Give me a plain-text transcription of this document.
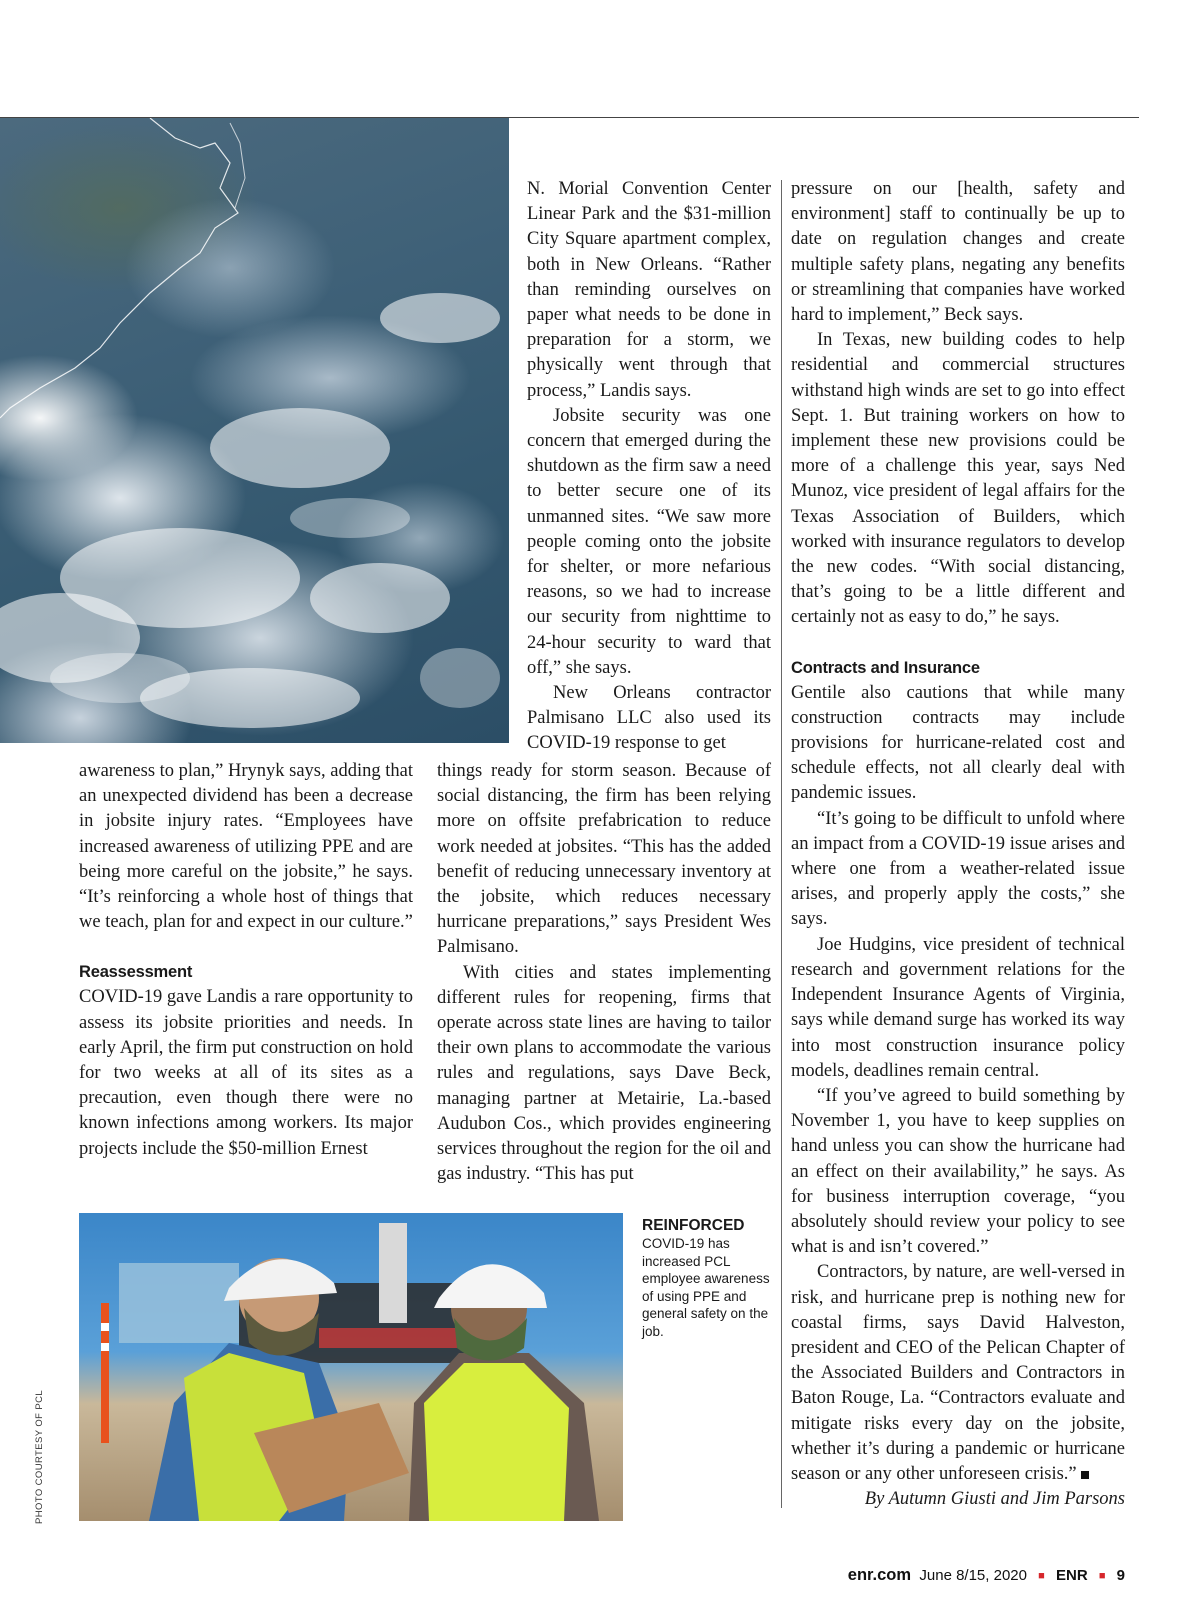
N. Morial Convention Center Linear Park and the $31-million City Square apartment complex, both in New Orleans. “Rather than reminding ourselves on paper what needs to be done in preparation for a storm, we physically went through that process,” Landis says.

Jobsite security was one concern that emerged during the shutdown as the firm saw a need to better secure one of its unmanned sites. “We saw more people coming onto the jobsite for shelter, or more nefarious reasons, so we had to increase our security from nighttime to 24-hour security to ward that off,” she says.

New Orleans contractor Palmisano LLC also used its COVID-19 response to get

awareness to plan,” Hrynyk says, adding that an unexpected dividend has been a decrease in jobsite injury rates. “Employees have increased awareness of utilizing PPE and are being more careful on the jobsite,” he says. “It’s reinforcing a whole host of things that we teach, plan for and expect in our culture.”

Reassessment

COVID-19 gave Landis a rare opportunity to assess its jobsite priorities and needs. In early April, the firm put construction on hold for two weeks at all of its sites as a precaution, even though there were no known infections among workers. Its major projects include the $50-million Ernest

things ready for storm season. Because of social distancing, the firm has been relying more on offsite prefabrication to reduce work needed at jobsites. “This has the added benefit of reducing unnecessary inventory at the jobsite, which reduces necessary hurricane preparations,” says President Wes Palmisano.

With cities and states implementing different rules for reopening, firms that operate across state lines are having to tailor their own plans to accommodate the various rules and regulations, says Dave Beck, managing partner at Metairie, La.-based Audubon Cos., which provides engineering services throughout the region for the oil and gas industry. “This has put

pressure on our [health, safety and environment] staff to continually be up to date on regulation changes and create multiple safety plans, negating any benefits or streamlining that companies have worked hard to implement,” Beck says.

In Texas, new building codes to help residential and commercial structures withstand high winds are set to go into effect Sept. 1. But training workers on how to implement these new provisions could be more of a challenge this year, says Ned Munoz, vice president of legal affairs for the Texas Association of Builders, which worked with insurance regulators to develop the new codes. “With social distancing, that’s going to be a little different and certainly not as easy to do,” he says.

Contracts and Insurance

Gentile also cautions that while many construction contracts may include provisions for hurricane-related cost and schedule effects, not all clearly deal with pandemic issues.

“It’s going to be difficult to unfold where an impact from a COVID-19 issue arises and where one from a weather-related issue arises, and properly apply the costs,” she says.

Joe Hudgins, vice president of technical research and government relations for the Independent Insurance Agents of Virginia, says while demand surge has worked its way into most construction insurance policy models, deadlines remain central.

“If you’ve agreed to build something by November 1, you have to keep supplies on hand unless you can show the hurricane had an effect on their availability,” he says. As for business interruption coverage, “you absolutely should review your policy to see what is and isn’t covered.”

Contractors, by nature, are well-versed in risk, and hurricane prep is nothing new for coastal firms, says David Halveston, president and CEO of the Pelican Chapter of the Associated Builders and Contractors in Baton Rouge, La. “Contractors evaluate and mitigate risks every day on the jobsite, whether it’s during a pandemic or hurricane season or any other unforeseen crisis.”

By Autumn Giusti and Jim Parsons

REINFORCED
COVID-19 has increased PCL employee awareness of using PPE and general safety on the job.
PHOTO COURTESY OF PCL
enr.com June 8/15, 2020 ■ ENR ■ 9
